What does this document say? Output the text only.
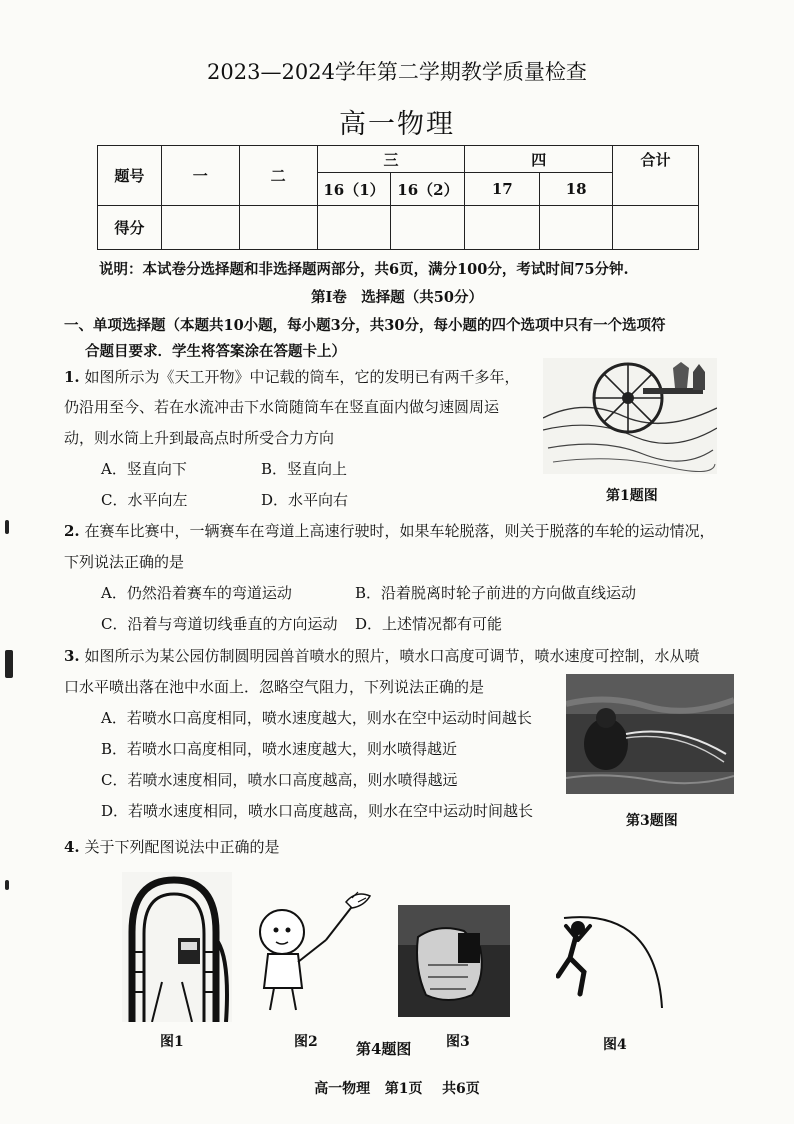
2023—2024学年第二学期教学质量检查
高一物理
题号	一	二	三		四		合计
			16（1）	16（2）	17	18	
得分							
说明：本试卷分选择题和非选择题两部分，共6页，满分100分，考试时间75分钟.
第I卷　选择题（共50分）
一、单项选择题（本题共10小题，每小题3分，共30分，每小题的四个选项中只有一个选项符
合题目要求．学生将答案涂在答题卡上）
1. 如图所示为《天工开物》中记载的筒车，它的发明已有两千多年，
仍沿用至今、若在水流冲击下水筒随筒车在竖直面内做匀速圆周运
动，则水筒上升到最高点时所受合力方向
A．竖直向下	B．竖直向上
C．水平向左	D．水平向右	第1题图
2. 在赛车比赛中，一辆赛车在弯道上高速行驶时，如果车轮脱落，则关于脱落的车轮的运动情况，
下列说法正确的是
A．仍然沿着赛车的弯道运动	B．沿着脱离时轮子前进的方向做直线运动
C．沿着与弯道切线垂直的方向运动 D．上述情况都有可能
3. 如图所示为某公园仿制圆明园兽首喷水的照片，喷水口高度可调节，喷水速度可控制，水从喷
口水平喷出落在池中水面上．忽略空气阻力，下列说法正确的是
A．若喷水口高度相同，喷水速度越大，则水在空中运动时间越长
B．若喷水口高度相同，喷水速度越大，则水喷得越近
C．若喷水速度相同，喷水口高度越高，则水喷得越远
D．若喷水速度相同，喷水口高度越高，则水在空中运动时间越长
第3题图
4. 关于下列配图说法中正确的是
图1	图2	图3	图4
第4题图
高一物理 第1页 共6页
